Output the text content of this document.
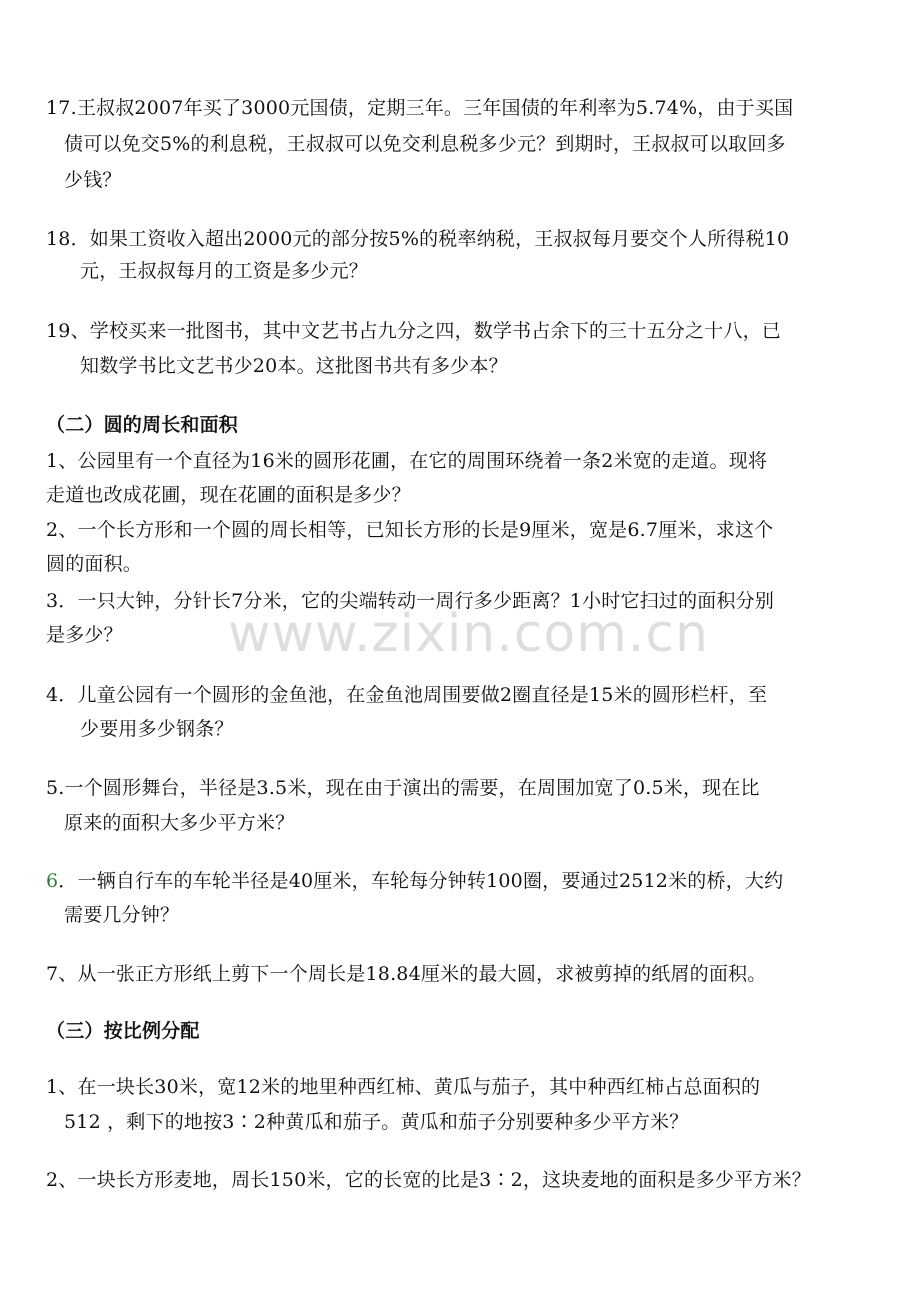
17.王叔叔2007年买了3000元国债，定期三年。三年国债的年利率为5.74%，由于买国
债可以免交5%的利息税，王叔叔可以免交利息税多少元？到期时，王叔叔可以取回多
少钱？
18．如果工资收入超出2000元的部分按5%的税率纳税，王叔叔每月要交个人所得税10
元，王叔叔每月的工资是多少元？
19、学校买来一批图书，其中文艺书占九分之四，数学书占余下的三十五分之十八，已
知数学书比文艺书少20本。这批图书共有多少本？
（二）圆的周长和面积
1、公园里有一个直径为16米的圆形花圃，在它的周围环绕着一条2米宽的走道。现将
走道也改成花圃，现在花圃的面积是多少？
2、一个长方形和一个圆的周长相等，已知长方形的长是9厘米，宽是6.7厘米，求这个
圆的面积。
3．一只大钟，分针长7分米，它的尖端转动一周行多少距离？1小时它扫过的面积分别
是多少？
4．儿童公园有一个圆形的金鱼池，在金鱼池周围要做2圈直径是15米的圆形栏杆，至
少要用多少钢条？
5.一个圆形舞台，半径是3.5米，现在由于演出的需要，在周围加宽了0.5米，现在比
原来的面积大多少平方米？
6．一辆自行车的车轮半径是40厘米，车轮每分钟转100圈，要通过2512米的桥，大约
需要几分钟？
7、从一张正方形纸上剪下一个周长是18.84厘米的最大圆，求被剪掉的纸屑的面积。
（三）按比例分配
1、在一块长30米，宽12米的地里种西红柿、黄瓜与茄子，其中种西红柿占总面积的
512 ，剩下的地按3∶2种黄瓜和茄子。黄瓜和茄子分别要种多少平方米？
2、一块长方形麦地，周长150米，它的长宽的比是3∶2，这块麦地的面积是多少平方米？
www.zixin.com.cn
